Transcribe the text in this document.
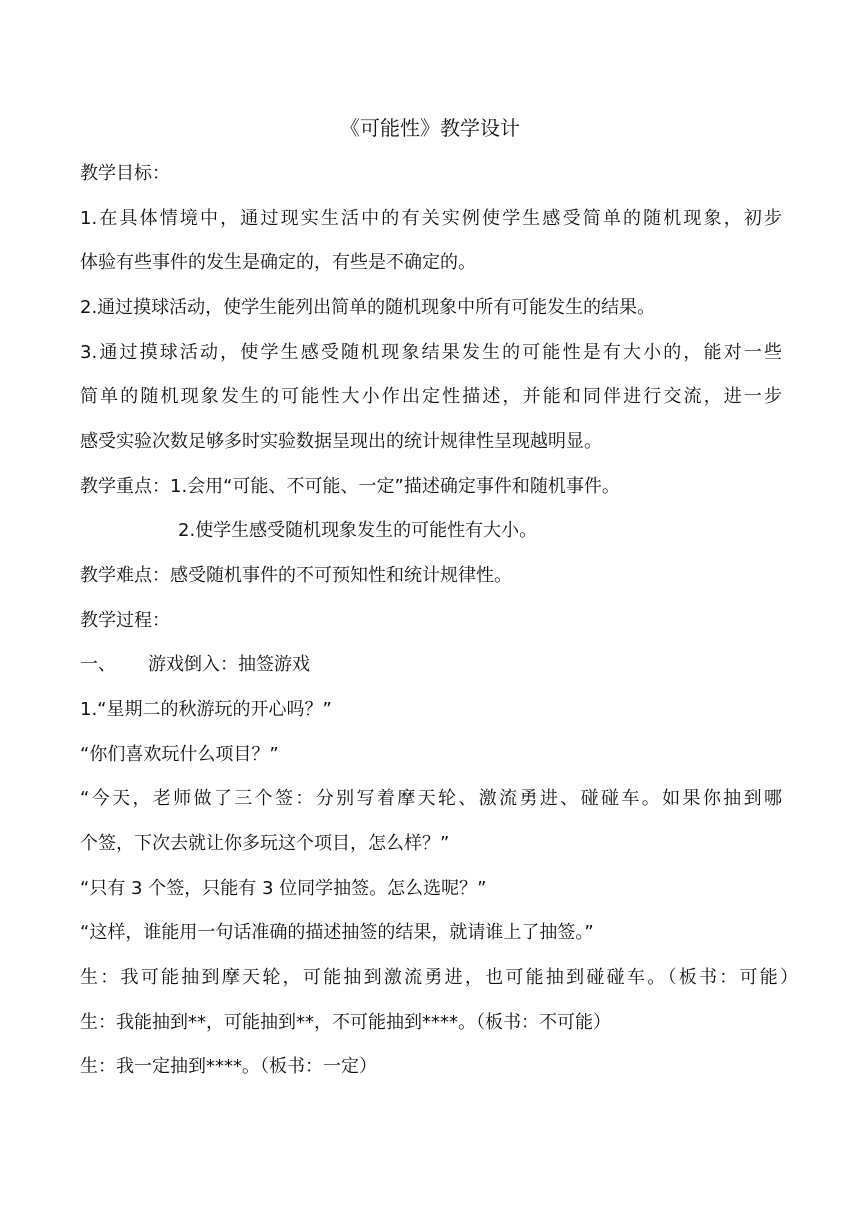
《可能性》教学设计
教学目标：
1.在具体情境中，通过现实生活中的有关实例使学生感受简单的随机现象，初步
体验有些事件的发生是确定的，有些是不确定的。
2.通过摸球活动，使学生能列出简单的随机现象中所有可能发生的结果。
3.通过摸球活动，使学生感受随机现象结果发生的可能性是有大小的，能对一些
简单的随机现象发生的可能性大小作出定性描述，并能和同伴进行交流，进一步
感受实验次数足够多时实验数据呈现出的统计规律性呈现越明显。
教学重点：1.会用“可能、不可能、一定”描述确定事件和随机事件。
2.使学生感受随机现象发生的可能性有大小。
教学难点：感受随机事件的不可预知性和统计规律性。
教学过程：
一、 游戏倒入：抽签游戏
1.“星期二的秋游玩的开心吗？”
“你们喜欢玩什么项目？”
“今天，老师做了三个签：分别写着摩天轮、激流勇进、碰碰车。如果你抽到哪
个签，下次去就让你多玩这个项目，怎么样？”
“只有 3 个签，只能有 3 位同学抽签。怎么选呢？”
“这样，谁能用一句话准确的描述抽签的结果，就请谁上了抽签。”
生：我可能抽到摩天轮，可能抽到激流勇进，也可能抽到碰碰车。（板书：可能）
生：我能抽到**，可能抽到**，不可能抽到****。（板书：不可能）
生：我一定抽到****。（板书：一定）
